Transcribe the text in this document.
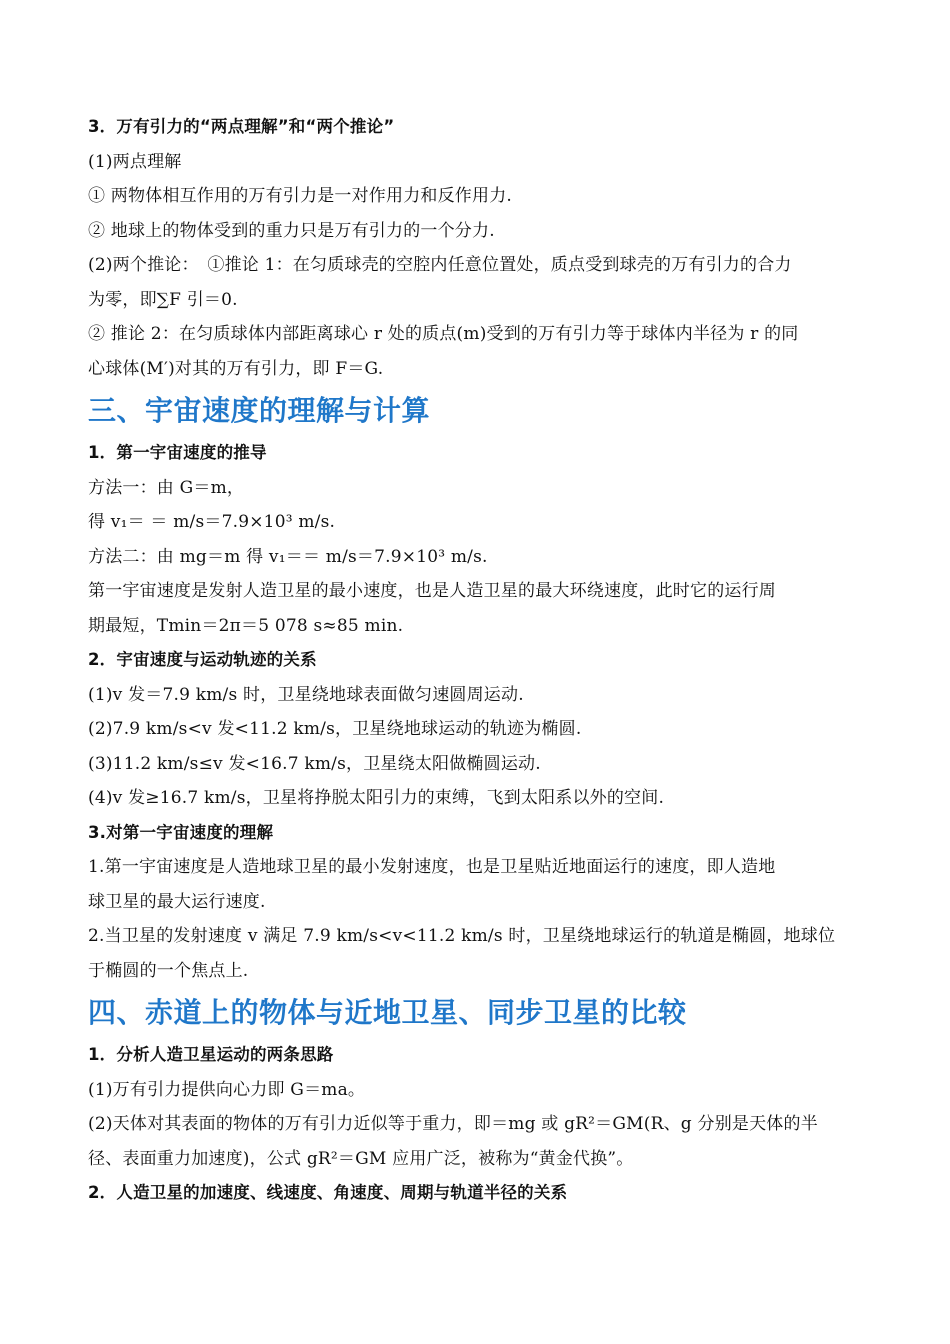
3．万有引力的“两点理解”和“两个推论”
(1)两点理解
① 两物体相互作用的万有引力是一对作用力和反作用力.
② 地球上的物体受到的重力只是万有引力的一个分力.
(2)两个推论：　①推论 1：在匀质球壳的空腔内任意位置处，质点受到球壳的万有引力的合力
为零，即∑F 引＝0.
② 推论 2：在匀质球体内部距离球心 r 处的质点(m)受到的万有引力等于球体内半径为 r 的同
心球体(M′)对其的万有引力，即 F＝G.
三、宇宙速度的理解与计算
1．第一宇宙速度的推导
方法一：由 G＝m，
得 v₁＝ ＝ m/s＝7.9×10³ m/s.
方法二：由 mg＝m 得 v₁＝＝ m/s＝7.9×10³ m/s.
第一宇宙速度是发射人造卫星的最小速度，也是人造卫星的最大环绕速度，此时它的运行周
期最短，Tmin＝2π＝5 078 s≈85 min.
2．宇宙速度与运动轨迹的关系
(1)v 发＝7.9 km/s 时，卫星绕地球表面做匀速圆周运动.
(2)7.9 km/s<v 发<11.2 km/s，卫星绕地球运动的轨迹为椭圆.
(3)11.2 km/s≤v 发<16.7 km/s，卫星绕太阳做椭圆运动.
(4)v 发≥16.7 km/s，卫星将挣脱太阳引力的束缚，飞到太阳系以外的空间.
3.对第一宇宙速度的理解
1.第一宇宙速度是人造地球卫星的最小发射速度，也是卫星贴近地面运行的速度，即人造地
球卫星的最大运行速度.
2.当卫星的发射速度 v 满足 7.9 km/s<v<11.2 km/s 时，卫星绕地球运行的轨道是椭圆，地球位
于椭圆的一个焦点上.
四、赤道上的物体与近地卫星、同步卫星的比较
1．分析人造卫星运动的两条思路
(1)万有引力提供向心力即 G＝ma。
(2)天体对其表面的物体的万有引力近似等于重力，即＝mg 或 gR²＝GM(R、g 分别是天体的半
径、表面重力加速度)，公式 gR²＝GM 应用广泛，被称为“黄金代换”。
2．人造卫星的加速度、线速度、角速度、周期与轨道半径的关系
